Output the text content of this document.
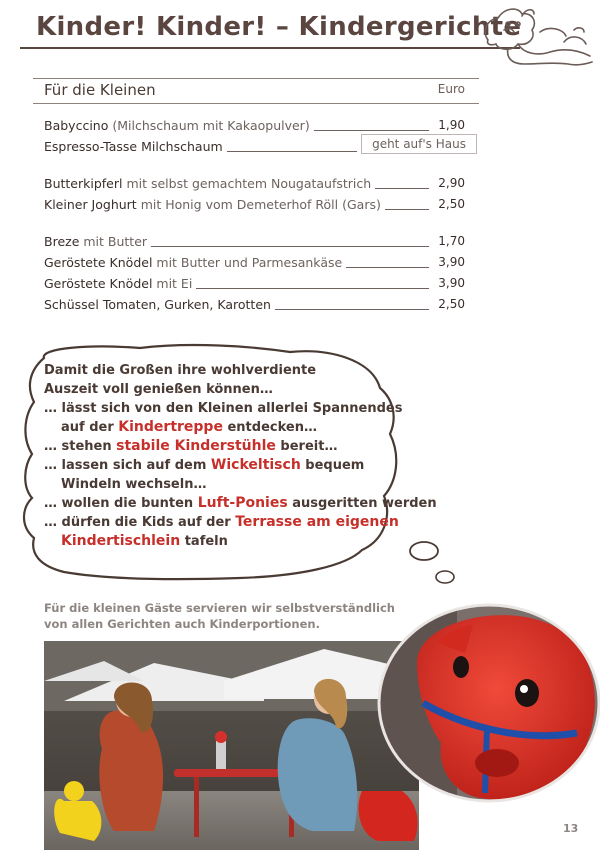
Kinder! Kinder! – Kindergerichte
Für die Kleinen	Euro
Babyccino (Milchschaum mit Kakaopulver)	1,90
Espresso-Tasse Milchschaum	geht auf's Haus
Butterkipferl mit selbst gemachtem Nougataufstrich	2,90
Kleiner Joghurt mit Honig vom Demeterhof Röll (Gars)	2,50
Breze mit Butter	1,70
Geröstete Knödel mit Butter und Parmesankäse	3,90
Geröstete Knödel mit Ei	3,90
Schüssel Tomaten, Gurken, Karotten	2,50

Damit die Großen ihre wohlverdiente

Auszeit voll genießen können…

… lässt sich von den Kleinen allerlei Spannendes

auf der Kindertreppe entdecken…

… stehen stabile Kinderstühle bereit…

… lassen sich auf dem Wickeltisch bequem

Windeln wechseln…

… wollen die bunten Luft-Ponies ausgeritten werden

… dürfen die Kids auf der Terrasse am eigenen

Kindertischlein tafeln

Für die kleinen Gäste servieren wir selbstverständlich

von allen Gerichten auch Kinderportionen.

13
